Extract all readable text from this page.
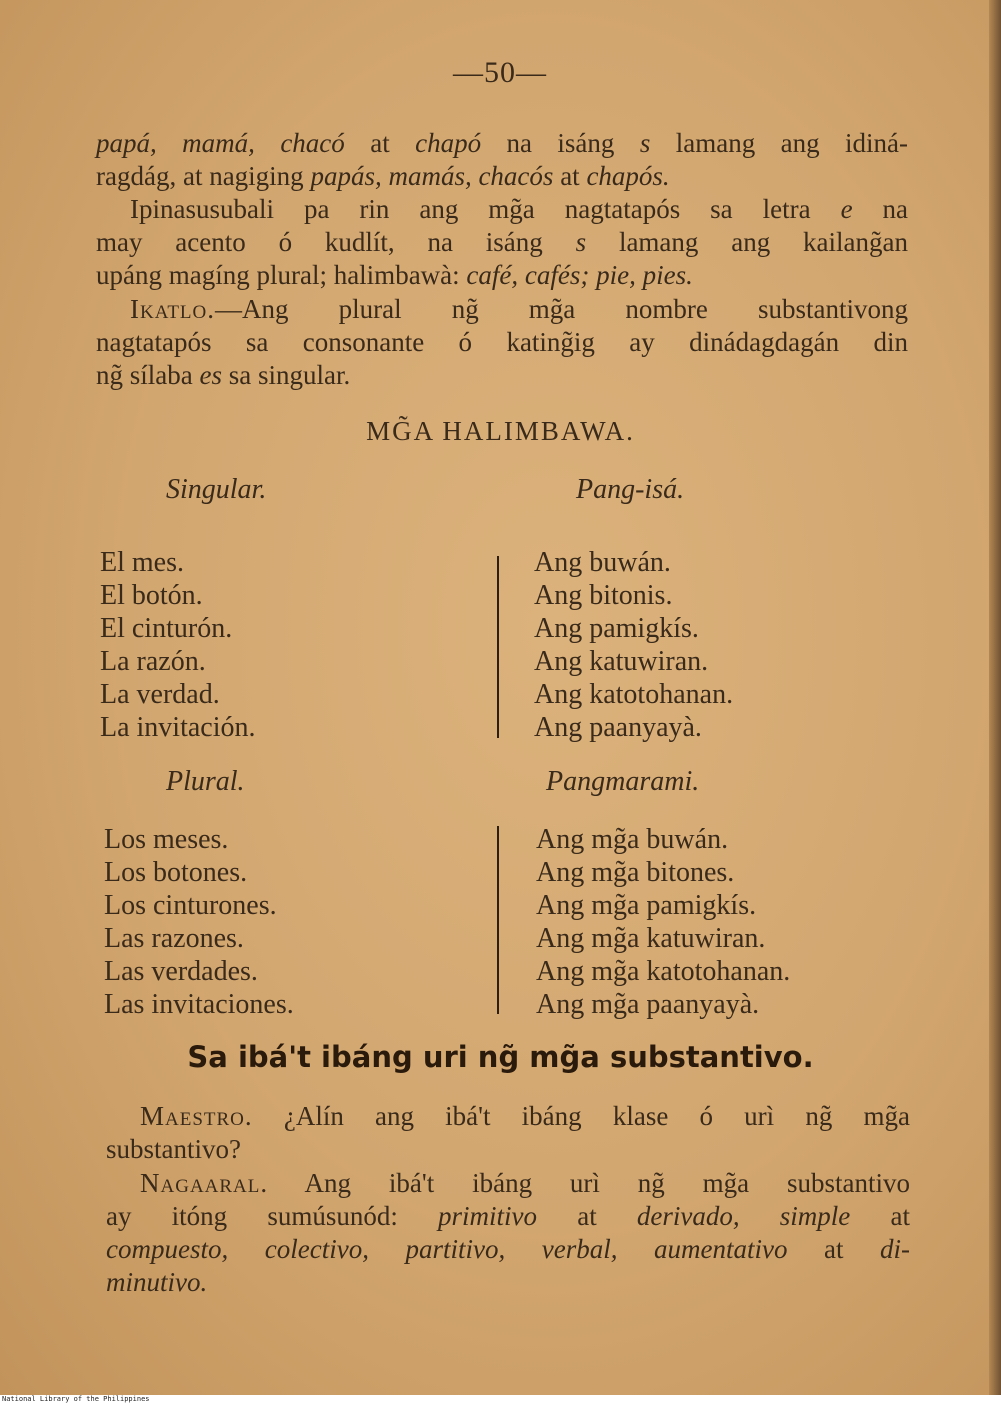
National Library of the Philippines
—50—
papá, mamá, chacó at chapó na isáng s lamang ang idiná-
ragdág, at nagiging papás, mamás, chacós at chapós.
Ipinasusubali pa rin ang mg̃a nagtatapós sa letra e na
may acento ó kudlít, na isáng s lamang ang kailang̃an
upáng magíng plural; halimbawà: café, cafés; pie, pies.
Ikatlo.—Ang plural ng̃ mg̃a nombre substantivong
nagtatapós sa consonante ó kating̃ig ay dinádagdagán din
ng̃ sílaba es sa singular.
MG̃A HALIMBAWA.
Singular.	Pang-isá.
El mes.
El botón.
El cinturón.
La razón.
La verdad.
La invitación.
Ang buwán.
Ang bitonis.
Ang pamigkís.
Ang katuwiran.
Ang katotohanan.
Ang paanyayà.
Plural.	Pangmarami.
Los meses.
Los botones.
Los cinturones.
Las razones.
Las verdades.
Las invitaciones.
Ang mg̃a buwán.
Ang mg̃a bitones.
Ang mg̃a pamigkís.
Ang mg̃a katuwiran.
Ang mg̃a katotohanan.
Ang mg̃a paanyayà.
Sa ibá't ibáng uri ng̃ mg̃a substantivo.
Maestro. ¿Alín ang ibá't ibáng klase ó urì ng̃ mg̃a
substantivo?
Nagaaral. Ang ibá't ibáng urì ng̃ mg̃a substantivo
ay itóng sumúsunód: primitivo at derivado, simple at
compuesto, colectivo, partitivo, verbal, aumentativo at di-
minutivo.
